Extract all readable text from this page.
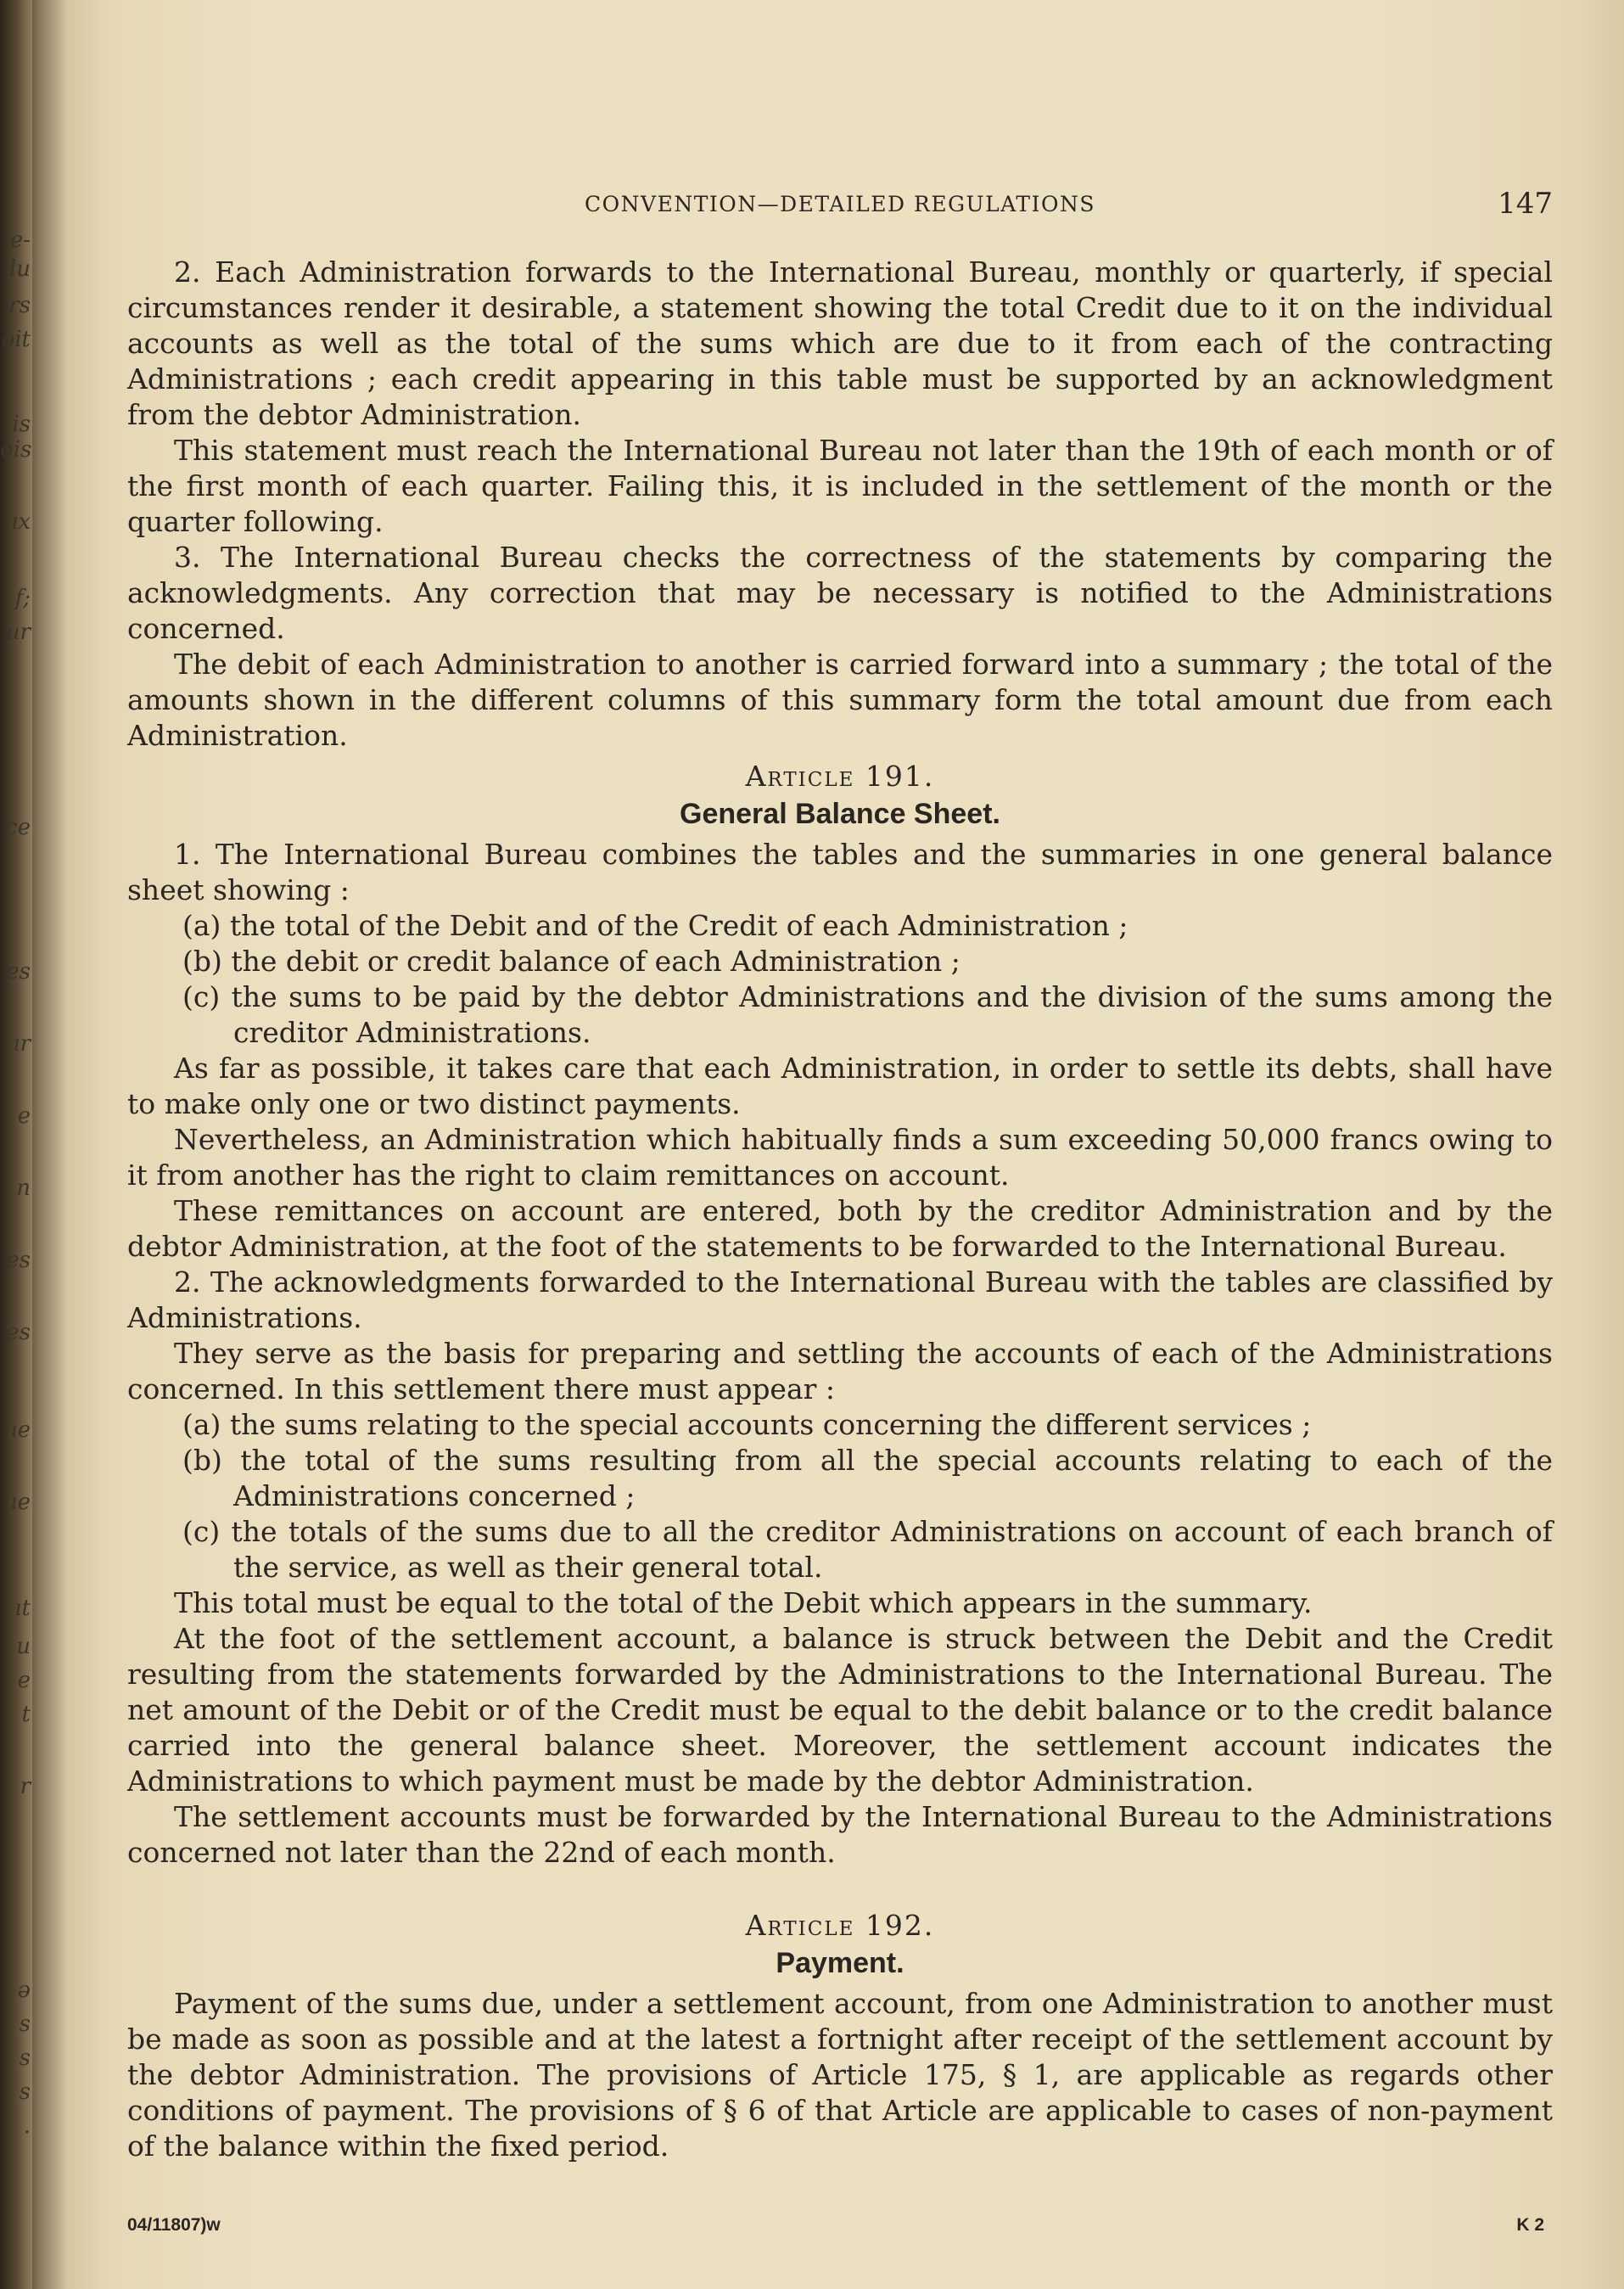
e-
lu
rs
oit
is
ois
ıx
f;
ur
ce
es
ır
e
n
es
es
ıe
ıe
ıt
u
e
t
r
ə
s
s
s
.
CONVENTION—DETAILED REGULATIONS	147

2. Each Administration forwards to the International Bureau, monthly or quarterly, if special circumstances render it desirable, a statement showing the total Credit due to it on the individual accounts as well as the total of the sums which are due to it from each of the contracting Administrations ; each credit appearing in this table must be supported by an acknowledgment from the debtor Administration.

This statement must reach the International Bureau not later than the 19th of each month or of the first month of each quarter. Failing this, it is included in the settlement of the month or the quarter following.

3. The International Bureau checks the correctness of the statements by comparing the acknowledgments. Any correction that may be necessary is notified to the Administrations concerned.

The debit of each Administration to another is carried forward into a summary ; the total of the amounts shown in the different columns of this summary form the total amount due from each Administration.

Article 191.
General Balance Sheet.

1. The International Bureau combines the tables and the summaries in one general balance sheet showing :

(a) the total of the Debit and of the Credit of each Administration ;
(b) the debit or credit balance of each Administration ;
(c) the sums to be paid by the debtor Administrations and the division of the sums among the creditor Administrations.

As far as possible, it takes care that each Administration, in order to settle its debts, shall have to make only one or two distinct payments.

Nevertheless, an Administration which habitually finds a sum exceeding 50,000 francs owing to it from another has the right to claim remittances on account.

These remittances on account are entered, both by the creditor Administration and by the debtor Administration, at the foot of the statements to be forwarded to the International Bureau.

2. The acknowledgments forwarded to the International Bureau with the tables are classified by Administrations.

They serve as the basis for preparing and settling the accounts of each of the Administrations concerned. In this settlement there must appear :

(a) the sums relating to the special accounts concerning the different services ;
(b) the total of the sums resulting from all the special accounts relating to each of the Administrations concerned ;
(c) the totals of the sums due to all the creditor Administrations on account of each branch of the service, as well as their general total.

This total must be equal to the total of the Debit which appears in the summary.

At the foot of the settlement account, a balance is struck between the Debit and the Credit resulting from the statements forwarded by the Administrations to the International Bureau. The net amount of the Debit or of the Credit must be equal to the debit balance or to the credit balance carried into the general balance sheet. Moreover, the settlement account indicates the Administrations to which payment must be made by the debtor Administration.

The settlement accounts must be forwarded by the International Bureau to the Administrations concerned not later than the 22nd of each month.

Article 192.
Payment.

Payment of the sums due, under a settlement account, from one Administration to another must be made as soon as possible and at the latest a fortnight after receipt of the settlement account by the debtor Administration. The provisions of Article 175, § 1, are applicable as regards other conditions of payment. The provisions of § 6 of that Article are applicable to cases of non-payment of the balance within the fixed period.

04/11807)w	K 2
